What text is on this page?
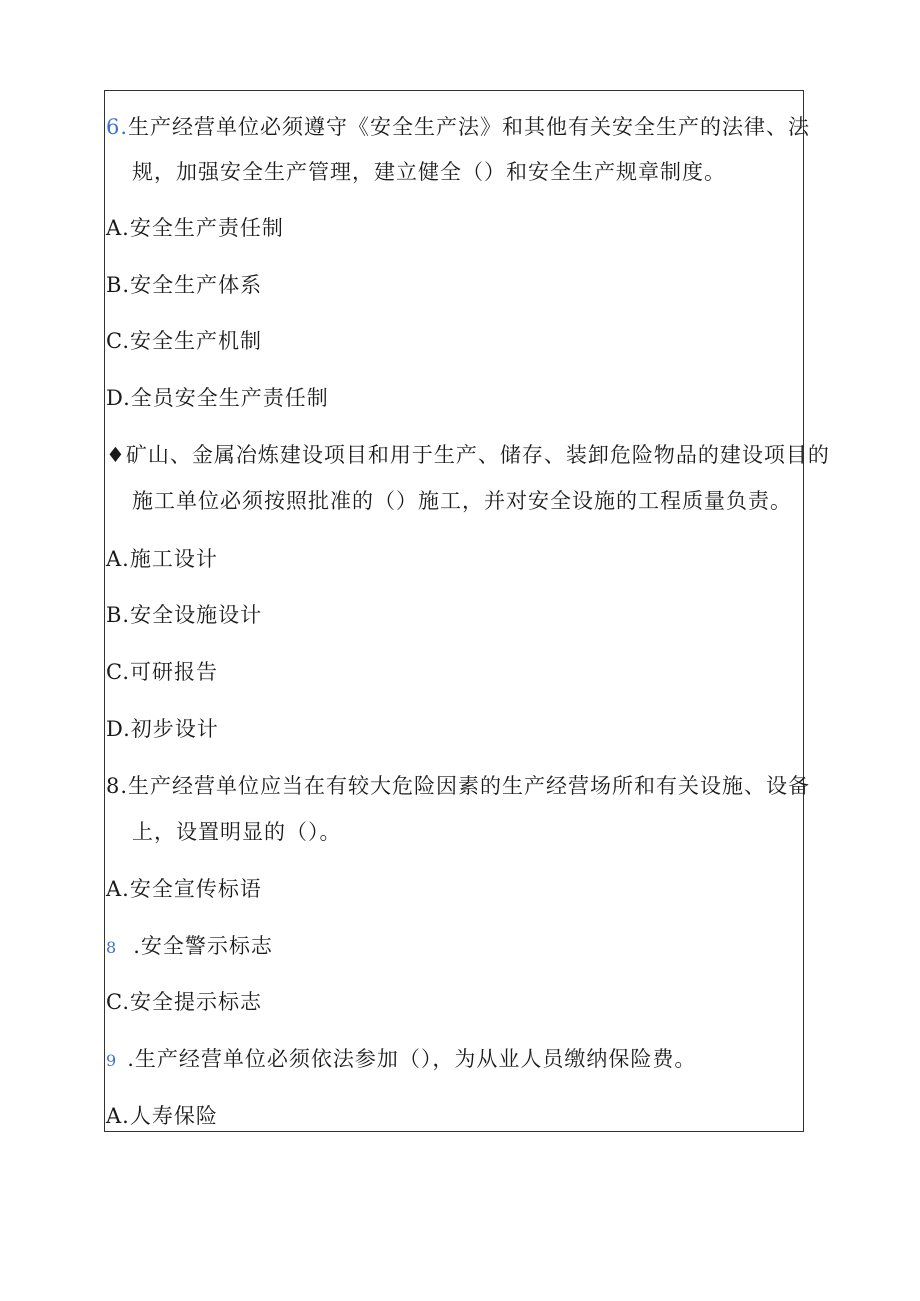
6.生产经营单位必须遵守《安全生产法》和其他有关安全生产的法律、法
规，加强安全生产管理，建立健全（）和安全生产规章制度。
A.安全生产责任制
B.安全生产体系
C.安全生产机制
D.全员安全生产责任制
♦矿山、金属冶炼建设项目和用于生产、储存、装卸危险物品的建设项目的
施工单位必须按照批准的（）施工，并对安全设施的工程质量负责。
A.施工设计
B.安全设施设计
C.可研报告
D.初步设计
8.生产经营单位应当在有较大危险因素的生产经营场所和有关设施、设备
上，设置明显的（）。
A.安全宣传标语
8 .安全警示标志
C.安全提示标志
9 .生产经营单位必须依法参加（），为从业人员缴纳保险费。
A.人寿保险
